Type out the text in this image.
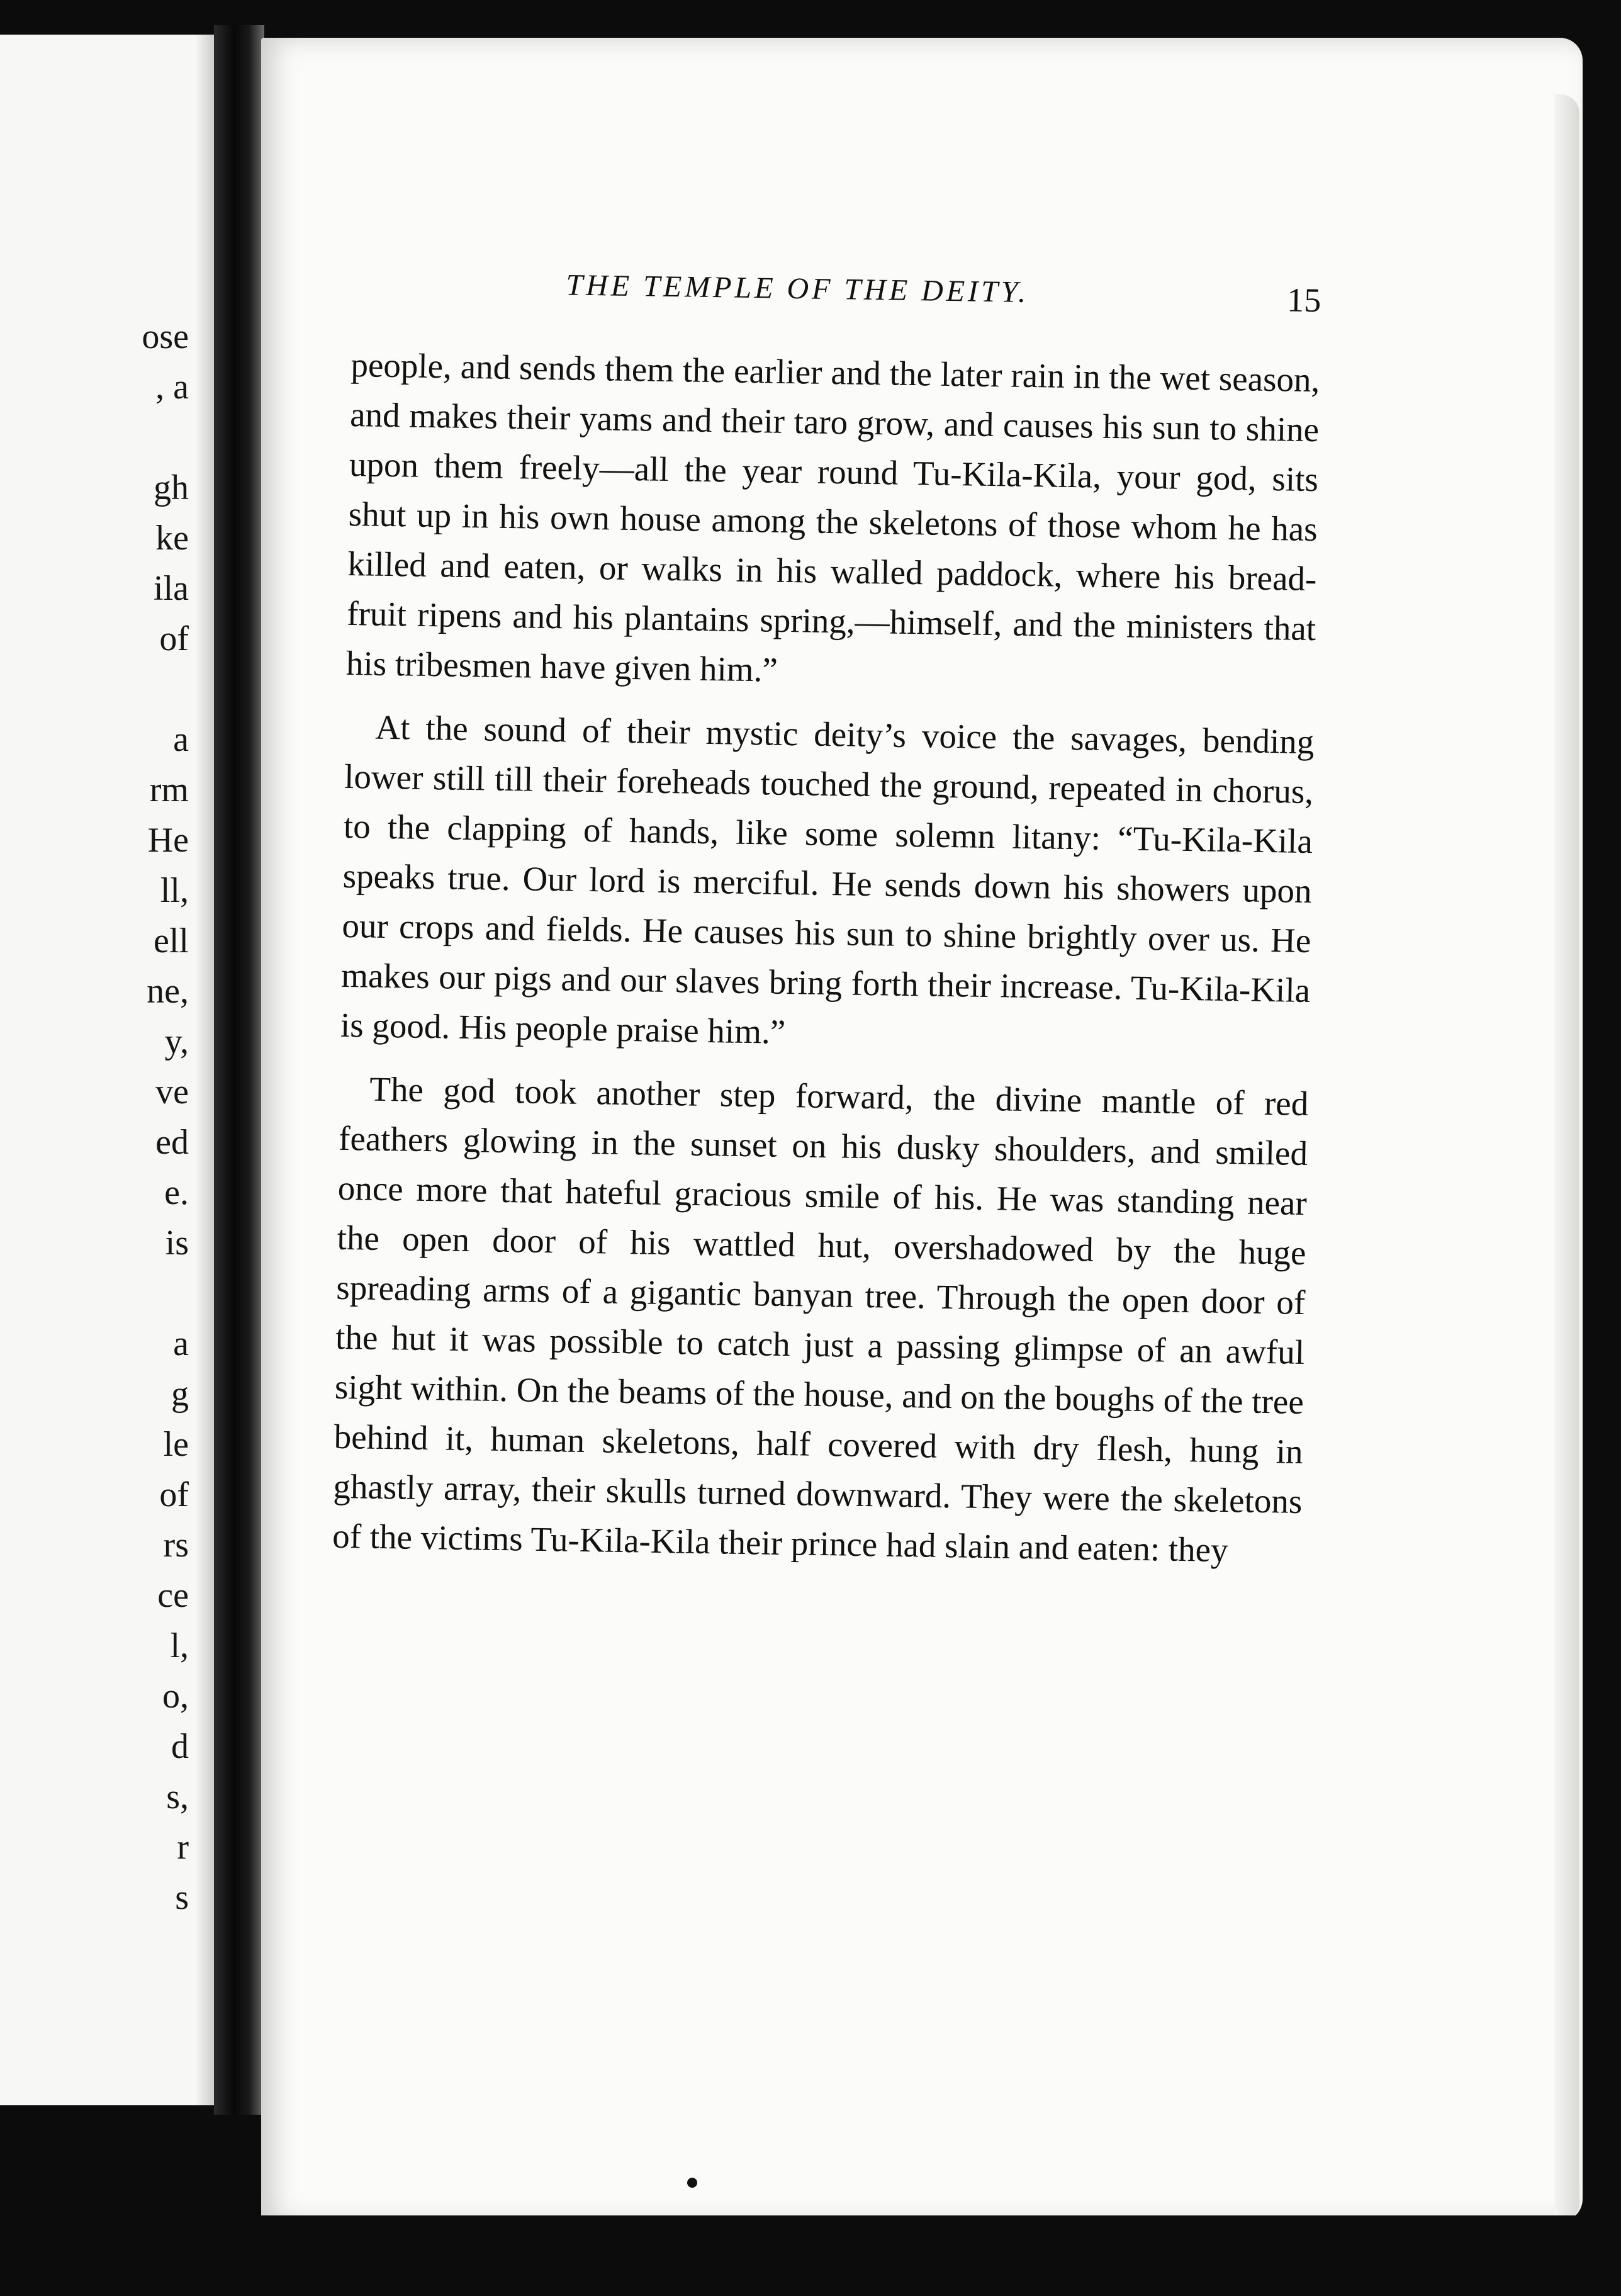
ose
, a
gh
ke
ila
of
a
rm
He
ll,
ell
ne,
y,
ve
ed
e.
is
a
g
le
of
rs
ce
l,
o,
d
s,
r
s
THE TEMPLE OF THE DEITY.	15

people, and sends them the earlier and the later rain in the wet season, and makes their yams and their taro grow, and causes his sun to shine upon them freely—all the year round Tu-Kila-Kila, your god, sits shut up in his own house among the skeletons of those whom he has killed and eaten, or walks in his walled paddock, where his bread-fruit ripens and his plantains spring,—himself, and the ministers that his tribesmen have given him.”

At the sound of their mystic deity’s voice the savages, bending lower still till their foreheads touched the ground, repeated in chorus, to the clapping of hands, like some solemn litany: “Tu-Kila-Kila speaks true. Our lord is merciful. He sends down his showers upon our crops and fields. He causes his sun to shine brightly over us. He makes our pigs and our slaves bring forth their increase. Tu-Kila-Kila is good. His people praise him.”

The god took another step forward, the divine mantle of red feathers glowing in the sunset on his dusky shoulders, and smiled once more that hateful gracious smile of his. He was standing near the open door of his wattled hut, overshadowed by the huge spreading arms of a gigantic banyan tree. Through the open door of the hut it was possible to catch just a passing glimpse of an awful sight within. On the beams of the house, and on the boughs of the tree behind it, human skeletons, half covered with dry flesh, hung in ghastly array, their skulls turned downward. They were the skeletons of the victims Tu-Kila-Kila their prince had slain and eaten: they
